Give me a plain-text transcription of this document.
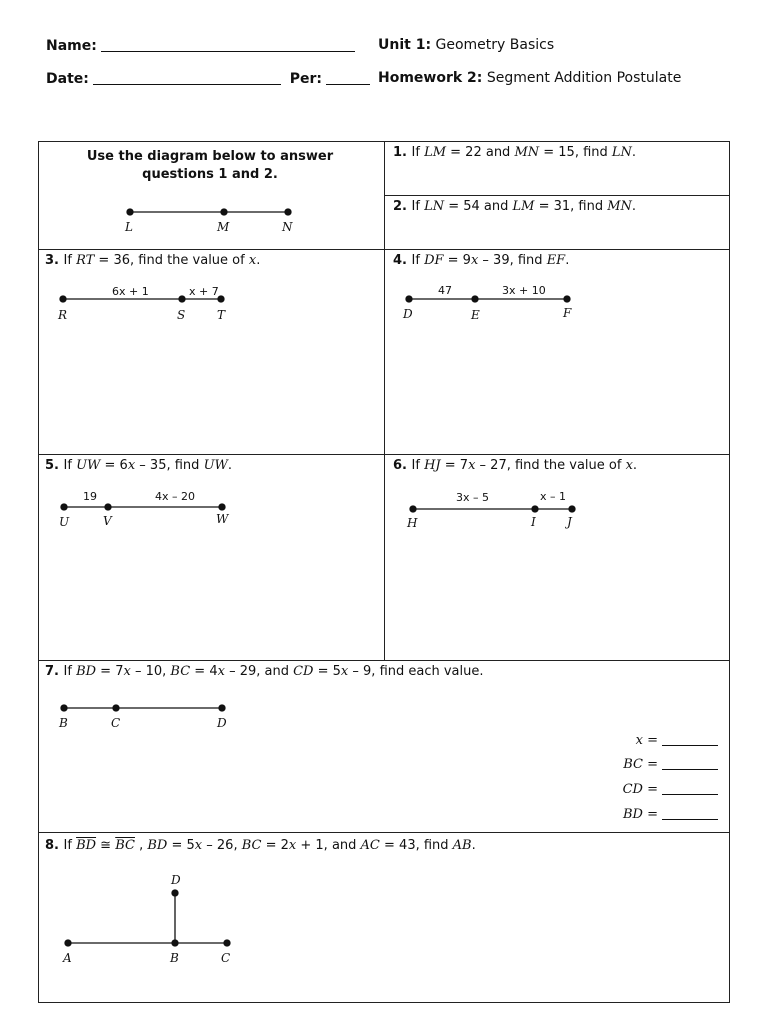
Name:
Date:	Per:
Unit 1: Geometry Basics
Homework 2: Segment Addition Postulate
Use the diagram below to answer questions 1 and 2.
1. If LM = 22 and MN = 15, find LN.
2. If LN = 54 and LM = 31, find MN.
3. If RT = 36, find the value of x.	4. If DF = 9x – 39, find EF.
5. If UW = 6x – 35, find UW.	6. If HJ = 7x – 27, find the value of x.
7. If BD = 7x – 10, BC = 4x – 29, and CD = 5x – 9, find each value.
8. If $\overline{BD}$ ≅ $\overline{BC}$ , BD = 5x – 26, BC = 2x + 1, and AC = 43, find AB.
L	M	N
R	S	T	D	E	F
U	V	W	H	I	J
B	C	D
D
A	B	C
6x + 1	x + 7	47	3x + 10
19	4x – 20	3x – 5	x – 1
x =
BC =
CD =
BD =
